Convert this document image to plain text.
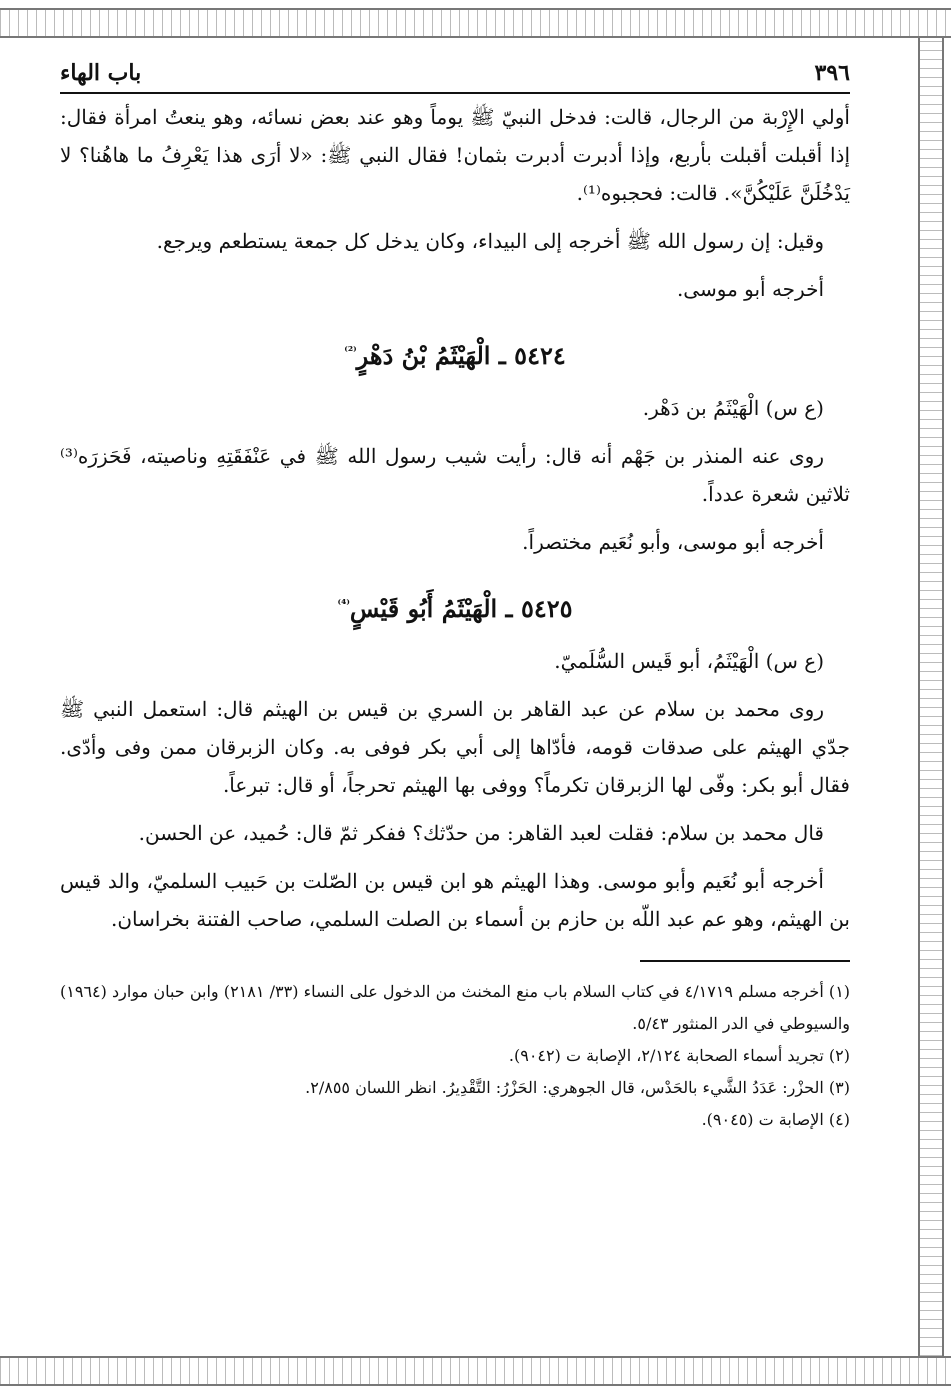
٣٩٦
باب الهاء

أولي الإِرْبة من الرجال، قالت: فدخل النبيّ ﷺ يوماً وهو عند بعض نسائه، وهو ينعتُ امرأة فقال: إذا أقبلت أقبلت بأربع، وإذا أدبرت أدبرت بثمان! فقال النبي ﷺ: «لا أرَى هذا يَعْرِفُ ما هاهُنا؟ لا يَدْخُلَنَّ عَلَيْكُنَّ». قالت: فحجبوه⁽¹⁾.

وقيل: إن رسول الله ﷺ أخرجه إلى البيداء، وكان يدخل كل جمعة يستطعم ويرجع.

أخرجه أبو موسى.

٥٤٢٤ ـ الْهَيْثَمُ بْنُ دَهْرٍ$^{^{(2)}}$

(ع س) الْهَيْثَمُ بن دَهْر.

روى عنه المنذر بن جَهْم أنه قال: رأيت شيب رسول الله ﷺ في عَنْفَقَتِهِ وناصيته، فَحَزرَه⁽³⁾ ثلاثين شعرة عدداً.

أخرجه أبو موسى، وأبو نُعَيم مختصراً.

٥٤٢٥ ـ الْهَيْثَمُ أَبُو قَيْسٍ$^{^{(4)}}$

(ع س) الْهَيْثَمُ، أبو قَيس السُّلَميّ.

روى محمد بن سلام عن عبد القاهر بن السري بن قيس بن الهيثم قال: استعمل النبي ﷺ جدّي الهيثم على صدقات قومه، فأدّاها إلى أبي بكر فوفى به. وكان الزبرقان ممن وفى وأدّى. فقال أبو بكر: وفّى لها الزبرقان تكرماً؟ ووفى بها الهيثم تحرجاً، أو قال: تبرعاً.

قال محمد بن سلام: فقلت لعبد القاهر: من حدّثك؟ ففكر ثمّ قال: حُميد، عن الحسن.

أخرجه أبو نُعَيم وأبو موسى. وهذا الهيثم هو ابن قيس بن الصّلت بن حَبيب السلميّ، والد قيس بن الهيثم، وهو عم عبد اللّه بن حازم بن أسماء بن الصلت السلمي، صاحب الفتنة بخراسان.

(١) أخرجه مسلم ٤/١٧١٩ في كتاب السلام باب منع المخنث من الدخول على النساء (٣٣/ ٢١٨١) وابن حبان موارد (١٩٦٤) والسيوطي في الدر المنثور ٥/٤٣.
(٢) تجريد أسماء الصحابة ٢/١٢٤، الإصابة ت (٩٠٤٢).
(٣) الحزْر: عَدَدُ الشَّيء بالحَدْس، قال الجوهري: الحَزْرُ: التَّقْدِيرُ. انظر اللسان ٢/٨٥٥.
(٤) الإصابة ت (٩٠٤٥).
